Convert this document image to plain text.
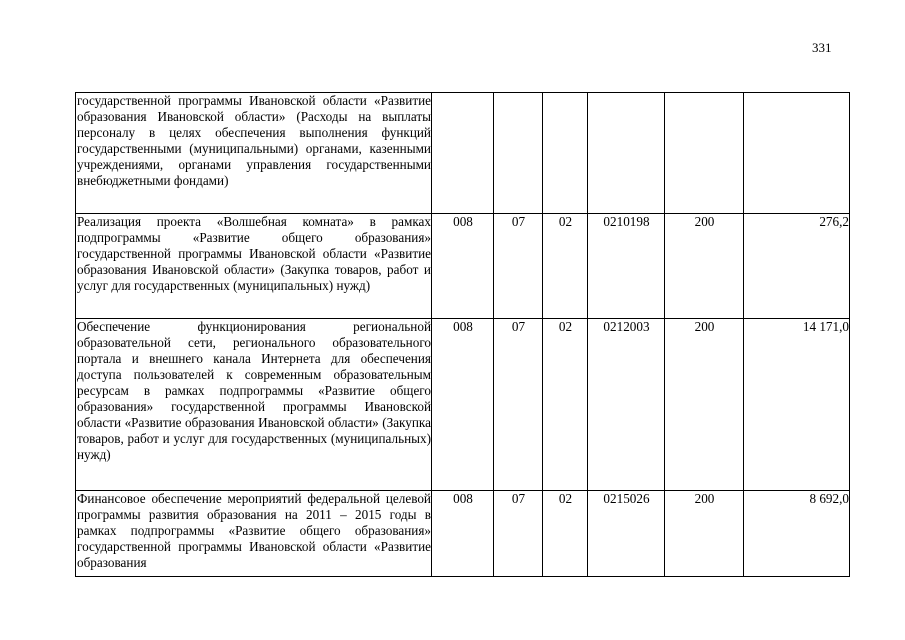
331
государственной программы Ивановской области «Развитие образования Ивановской области» (Расходы на выплаты персоналу в целях обеспечения выполнения функций государственными (муниципальными) органами, казенными учреждениями, органами управления государственными внебюджетными фондами)						

Реализация проекта «Волшебная комната» в рамках подпрограммы «Развитие общего образования» государственной программы Ивановской области «Развитие образования Ивановской области» (Закупка товаров, работ и услуг для государственных (муниципальных) нужд)	008	07	02	0210198	200	276,2

Обеспечение функционирования региональной образовательной сети, регионального образовательного портала и внешнего канала Интернета для обеспечения доступа пользователей к современным образовательным ресурсам в рамках подпрограммы «Развитие общего образования» государственной программы Ивановской области «Развитие образования Ивановской области» (Закупка товаров, работ и услуг для государственных (муниципальных) нужд)	008	07	02	0212003	200	14 171,0

Финансовое обеспечение мероприятий федеральной целевой программы развития образования на 2011 – 2015 годы в рамках подпрограммы «Развитие общего образования» государственной программы Ивановской области «Развитие образования	008	07	02	0215026	200	8 692,0
